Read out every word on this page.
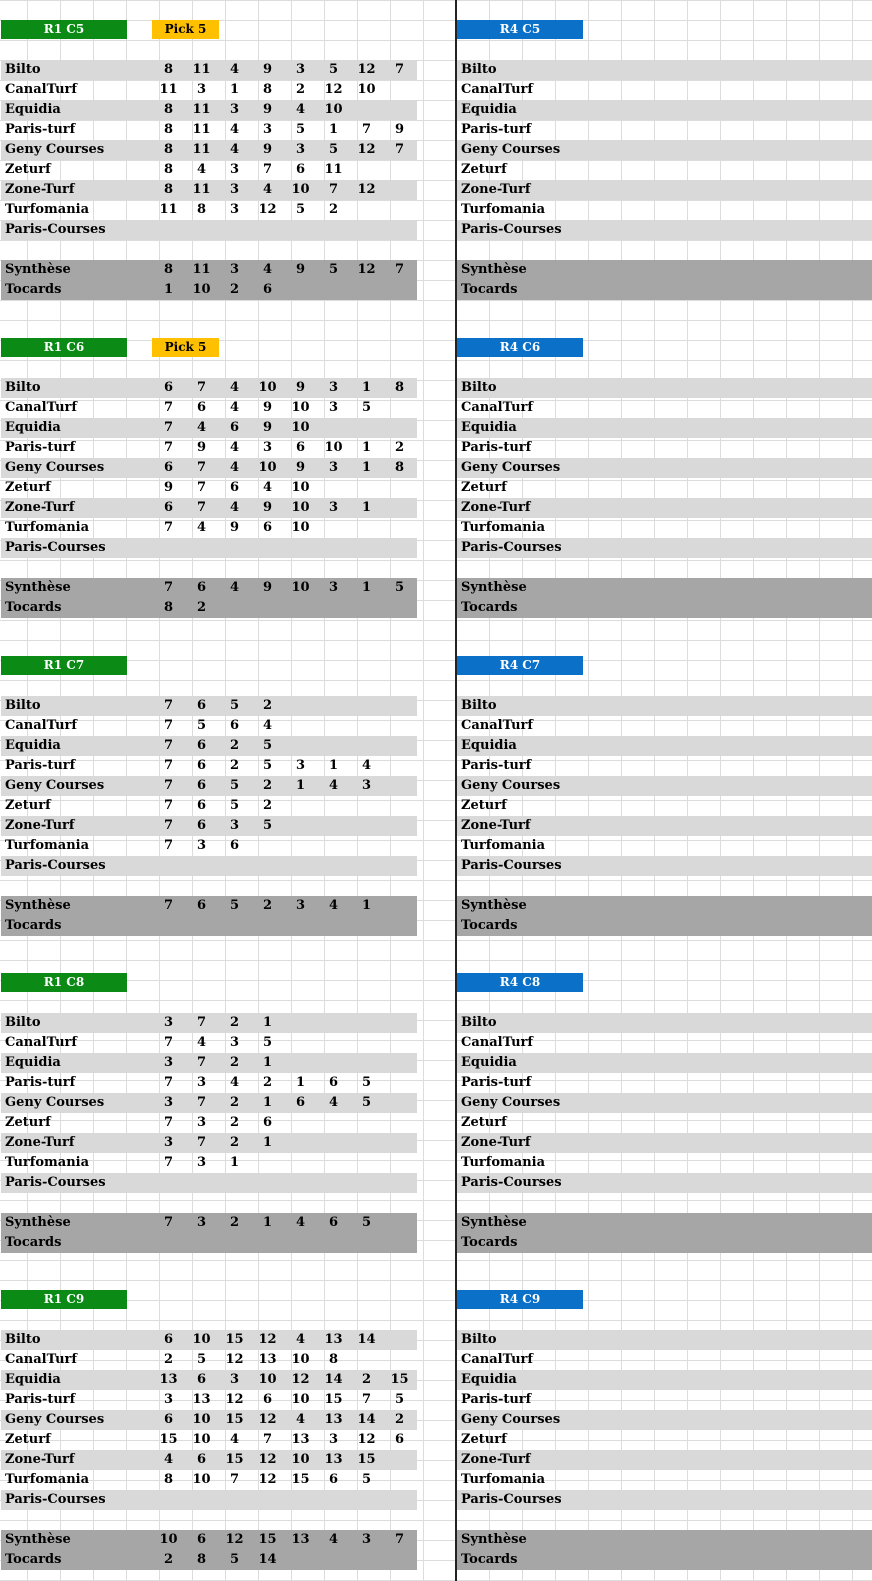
R1 C5	R4 C5
Pick 5
Bilto	8	11	4	9	3	5	12	7	Bilto
CanalTurf	11	3	1	8	2	12	10	CanalTurf
Equidia	8	11	3	9	4	10	Equidia
Paris-turf	8	11	4	3	5	1	7	9	Paris-turf
Geny Courses	8	11	4	9	3	5	12	7	Geny Courses
Zeturf	8	4	3	7	6	11	Zeturf
Zone-Turf	8	11	3	4	10	7	12	Zone-Turf
Turfomania	11	8	3	12	5	2	Turfomania
Paris-Courses	Paris-Courses
Synthèse	8	11	3	4	9	5	12	7	Synthèse
Tocards	1	10	2	6	Tocards
R1 C6	R4 C6
Pick 5
Bilto	6	7	4	10	9	3	1	8	Bilto
CanalTurf	7	6	4	9	10	3	5	CanalTurf
Equidia	7	4	6	9	10	Equidia
Paris-turf	7	9	4	3	6	10	1	2	Paris-turf
Geny Courses	6	7	4	10	9	3	1	8	Geny Courses
Zeturf	9	7	6	4	10	Zeturf
Zone-Turf	6	7	4	9	10	3	1	Zone-Turf
Turfomania	7	4	9	6	10	Turfomania
Paris-Courses	Paris-Courses
Synthèse	7	6	4	9	10	3	1	5	Synthèse
Tocards	8	2	Tocards
R1 C7	R4 C7
Bilto	7	6	5	2	Bilto
CanalTurf	7	5	6	4	CanalTurf
Equidia	7	6	2	5	Equidia
Paris-turf	7	6	2	5	3	1	4	Paris-turf
Geny Courses	7	6	5	2	1	4	3	Geny Courses
Zeturf	7	6	5	2	Zeturf
Zone-Turf	7	6	3	5	Zone-Turf
Turfomania	7	3	6	Turfomania
Paris-Courses	Paris-Courses
Synthèse	7	6	5	2	3	4	1	Synthèse
Tocards	Tocards
R1 C8	R4 C8
Bilto	3	7	2	1	Bilto
CanalTurf	7	4	3	5	CanalTurf
Equidia	3	7	2	1	Equidia
Paris-turf	7	3	4	2	1	6	5	Paris-turf
Geny Courses	3	7	2	1	6	4	5	Geny Courses
Zeturf	7	3	2	6	Zeturf
Zone-Turf	3	7	2	1	Zone-Turf
Turfomania	7	3	1	Turfomania
Paris-Courses	Paris-Courses
Synthèse	7	3	2	1	4	6	5	Synthèse
Tocards	Tocards
R1 C9	R4 C9
Bilto	6	10	15	12	4	13	14	Bilto
CanalTurf	2	5	12	13	10	8	CanalTurf
Equidia	13	6	3	10	12	14	2	15	Equidia
Paris-turf	3	13	12	6	10	15	7	5	Paris-turf
Geny Courses	6	10	15	12	4	13	14	2	Geny Courses
Zeturf	15	10	4	7	13	3	12	6	Zeturf
Zone-Turf	4	6	15	12	10	13	15	Zone-Turf
Turfomania	8	10	7	12	15	6	5	Turfomania
Paris-Courses	Paris-Courses
Synthèse	10	6	12	15	13	4	3	7	Synthèse
Tocards	2	8	5	14	Tocards
